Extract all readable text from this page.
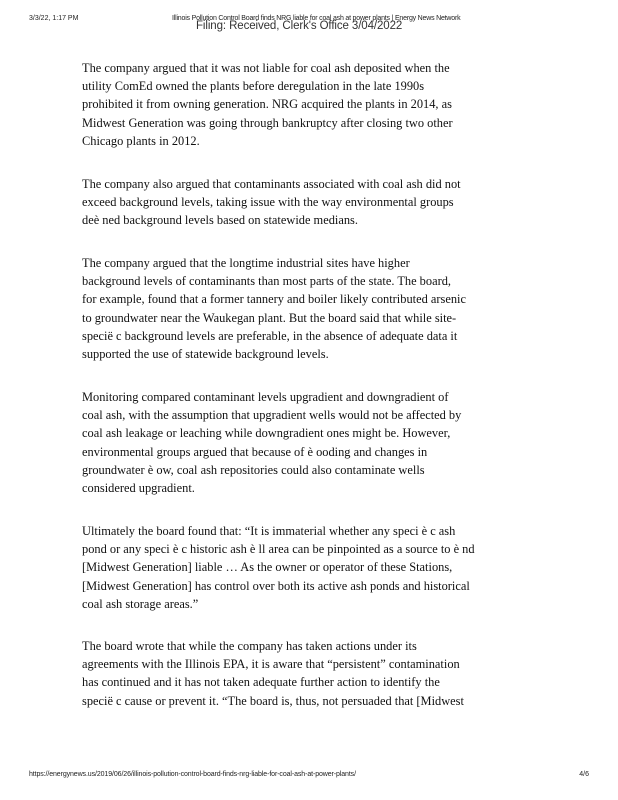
3/3/22, 1:17 PM	Illinois Pollution Control Board finds NRG liable for coal ash at power plants | Energy News Network
Filing: Received, Clerk's Office 3/04/2022

The company argued that it was not liable for coal ash deposited when the
utility ComEd owned the plants before deregulation in the late 1990s
prohibited it from owning generation. NRG acquired the plants in 2014, as
Midwest Generation was going through bankruptcy after closing two other
Chicago plants in 2012.

The company also argued that contaminants associated with coal ash did not
exceed background levels, taking issue with the way environmental groups
deè ned background levels based on statewide medians.

The company argued that the longtime industrial sites have higher
background levels of contaminants than most parts of the state. The board,
for example, found that a former tannery and boiler likely contributed arsenic
to groundwater near the Waukegan plant. But the board said that while site-
specië c background levels are preferable, in the absence of adequate data it
supported the use of statewide background levels.

Monitoring compared contaminant levels upgradient and downgradient of
coal ash, with the assumption that upgradient wells would not be affected by
coal ash leakage or leaching while downgradient ones might be. However,
environmental groups argued that because of è ooding and changes in
groundwater è ow, coal ash repositories could also contaminate wells
considered upgradient.

Ultimately the board found that: “It is immaterial whether any speci è c ash
pond or any speci è c historic ash è ll area can be pinpointed as a source to è nd
[Midwest Generation] liable … As the owner or operator of these Stations,
[Midwest Generation] has control over both its active ash ponds and historical
coal ash storage areas.”

The board wrote that while the company has taken actions under its
agreements with the Illinois EPA, it is aware that “persistent” contamination
has continued and it has not taken adequate further action to identify the
specië c cause or prevent it. “The board is, thus, not persuaded that [Midwest

https://energynews.us/2019/06/26/illinois-pollution-control-board-finds-nrg-liable-for-coal-ash-at-power-plants/	4/6
